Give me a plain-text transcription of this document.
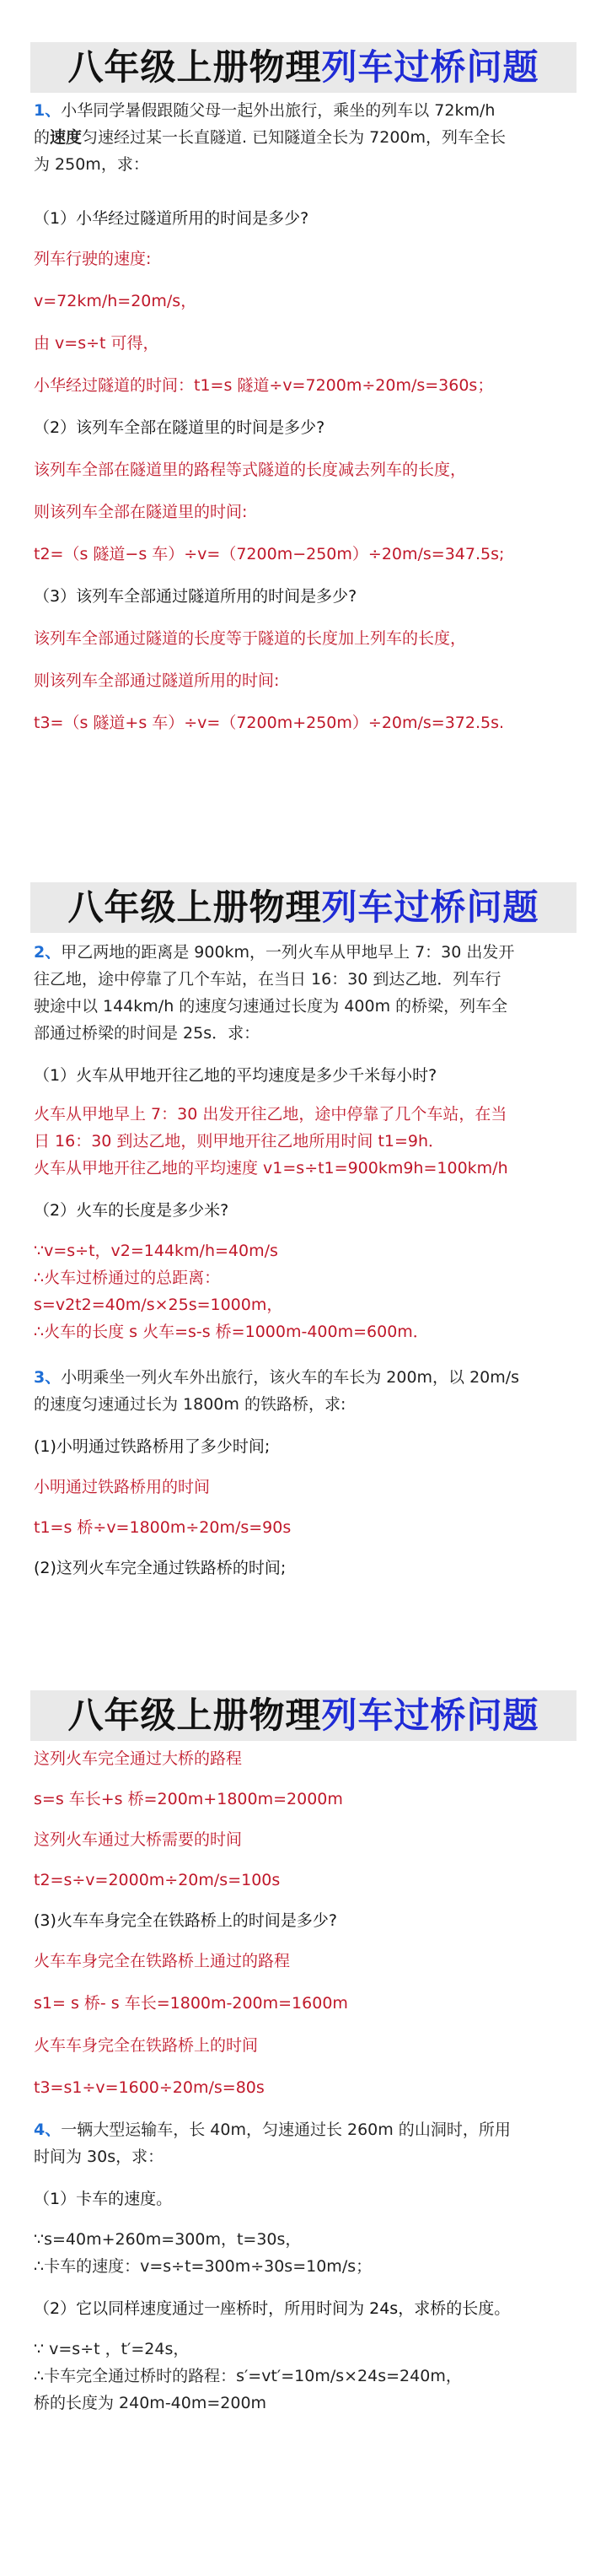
八年级上册物理列车过桥问题
1、小华同学暑假跟随父母一起外出旅行，乘坐的列车以 72km/h
的速度匀速经过某一长直隧道. 已知隧道全长为 7200m，列车全长
为 250m，求：
（1）小华经过隧道所用的时间是多少?
列车行驶的速度:
v=72km/h=20m/s，
由 v=s÷t 可得，
小华经过隧道的时间：t1=s 隧道÷v=7200m÷20m/s=360s；
（2）该列车全部在隧道里的时间是多少?
该列车全部在隧道里的路程等式隧道的长度减去列车的长度，
则该列车全部在隧道里的时间:
t2=（s 隧道−s 车）÷v=（7200m−250m）÷20m/s=347.5s;
（3）该列车全部通过隧道所用的时间是多少?
该列车全部通过隧道的长度等于隧道的长度加上列车的长度，
则该列车全部通过隧道所用的时间:
t3=（s 隧道+s 车）÷v=（7200m+250m）÷20m/s=372.5s.
八年级上册物理列车过桥问题
2、甲乙两地的距离是 900km，一列火车从甲地早上 7：30 出发开
往乙地，途中停靠了几个车站，在当日 16：30 到达乙地．列车行
驶途中以 144km/h 的速度匀速通过长度为 400m 的桥梁，列车全
部通过桥梁的时间是 25s．求：
（1）火车从甲地开往乙地的平均速度是多少千米每小时?
火车从甲地早上 7：30 出发开往乙地，途中停靠了几个车站，在当
日 16：30 到达乙地，则甲地开往乙地所用时间 t1=9h．
火车从甲地开往乙地的平均速度 v1=s÷t1=900km9h=100km/h
（2）火车的长度是多少米?
∵v=s÷t，v2=144km/h=40m/s
∴火车过桥通过的总距离：
s=v2t2=40m/s×25s=1000m，
∴火车的长度 s 火车=s-s 桥=1000m-400m=600m．
3、小明乘坐一列火车外出旅行，该火车的车长为 200m，以 20m/s
的速度匀速通过长为 1800m 的铁路桥，求:
(1)小明通过铁路桥用了多少时间;
小明通过铁路桥用的时间
t1=s 桥÷v=1800m÷20m/s=90s
(2)这列火车完全通过铁路桥的时间;
八年级上册物理列车过桥问题
这列火车完全通过大桥的路程
s=s 车长+s 桥=200m+1800m=2000m
这列火车通过大桥需要的时间
t2=s÷v=2000m÷20m/s=100s
(3)火车车身完全在铁路桥上的时间是多少?
火车车身完全在铁路桥上通过的路程
s1= s 桥- s 车长=1800m-200m=1600m
火车车身完全在铁路桥上的时间
t3=s1÷v=1600÷20m/s=80s
4、一辆大型运输车，长 40m，匀速通过长 260m 的山洞时，所用
时间为 30s，求：
（1）卡车的速度。
∵s=40m+260m=300m，t=30s，
∴卡车的速度：v=s÷t=300m÷30s=10m/s；
（2）它以同样速度通过一座桥时，所用时间为 24s，求桥的长度。
∵ v=s÷t ，t′=24s，
∴卡车完全通过桥时的路程：s′=vt′=10m/s×24s=240m，
桥的长度为 240m-40m=200m
